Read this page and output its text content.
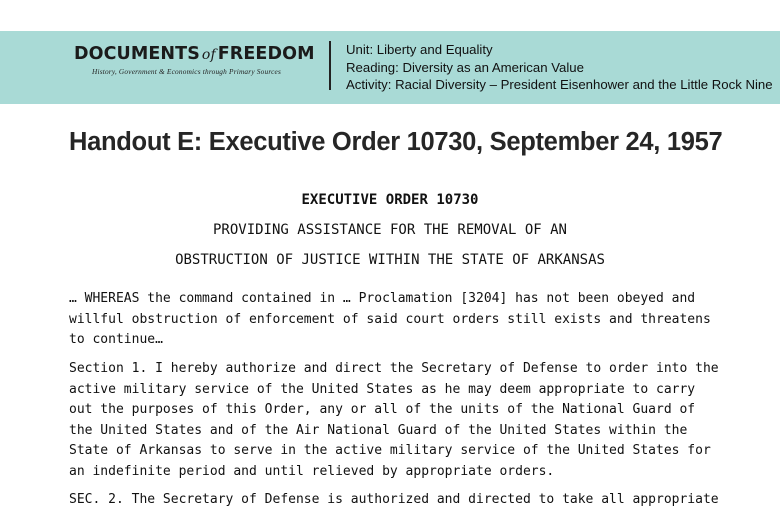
DOCUMENTS of FREEDOM
History, Government & Economics through Primary Sources
Unit: Liberty and Equality
Reading: Diversity as an American Value
Activity: Racial Diversity – President Eisenhower and the Little Rock Nine
Handout E: Executive Order 10730, September 24, 1957
EXECUTIVE ORDER 10730
PROVIDING ASSISTANCE FOR THE REMOVAL OF AN
OBSTRUCTION OF JUSTICE WITHIN THE STATE OF ARKANSAS

… WHEREAS the command contained in … Proclamation [3204] has not been obeyed and
willful obstruction of enforcement of said court orders still exists and threatens
to continue…

Section 1. I hereby authorize and direct the Secretary of Defense to order into the
active military service of the United States as he may deem appropriate to carry
out the purposes of this Order, any or all of the units of the National Guard of
the United States and of the Air National Guard of the United States within the
State of Arkansas to serve in the active military service of the United States for
an indefinite period and until relieved by appropriate orders.

SEC. 2. The Secretary of Defense is authorized and directed to take all appropriate
